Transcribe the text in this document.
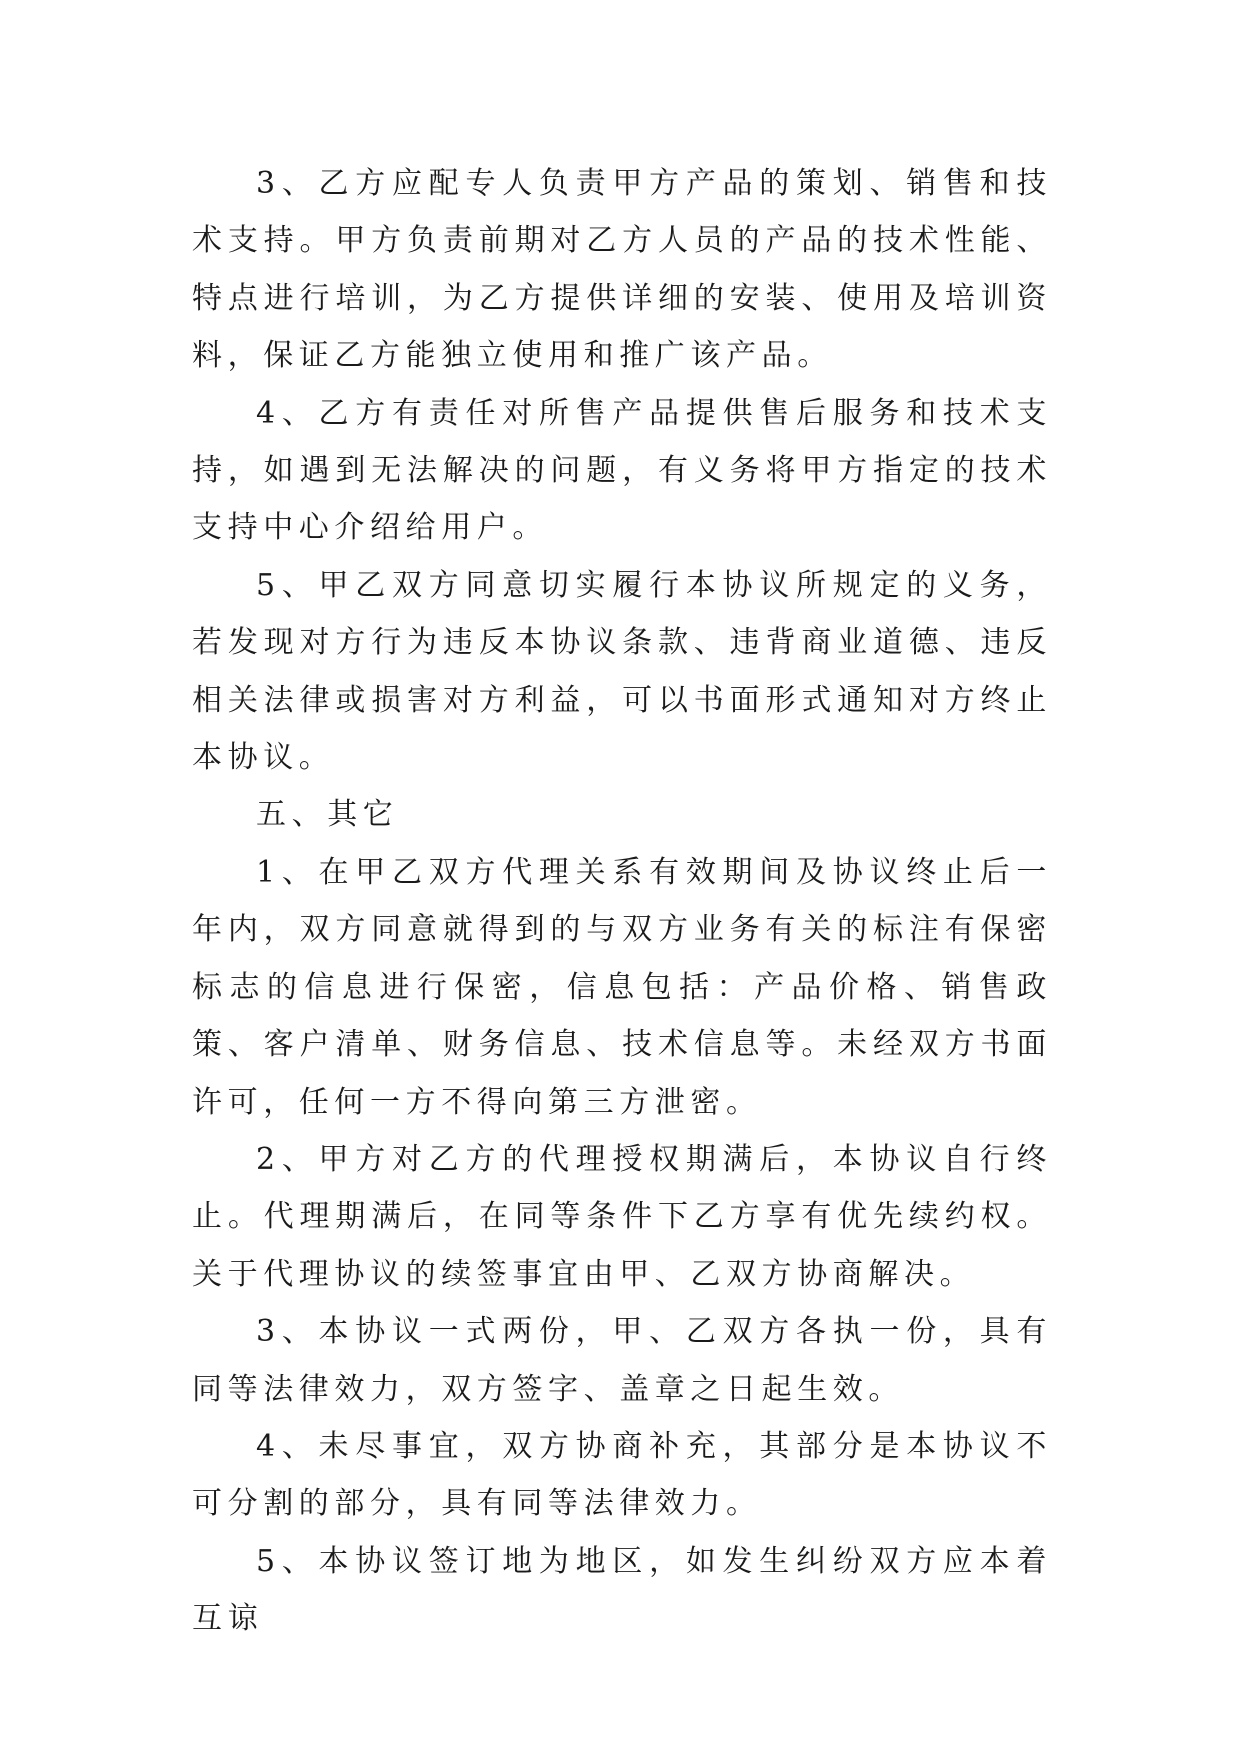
3、乙方应配专人负责甲方产品的策划、销售和技术支持。甲方负责前期对乙方人员的产品的技术性能、特点进行培训，为乙方提供详细的安装、使用及培训资料，保证乙方能独立使用和推广该产品。

4、乙方有责任对所售产品提供售后服务和技术支持，如遇到无法解决的问题，有义务将甲方指定的技术支持中心介绍给用户。

5、甲乙双方同意切实履行本协议所规定的义务，若发现对方行为违反本协议条款、违背商业道德、违反相关法律或损害对方利益，可以书面形式通知对方终止本协议。

五、其它

1、在甲乙双方代理关系有效期间及协议终止后一年内，双方同意就得到的与双方业务有关的标注有保密标志的信息进行保密，信息包括：产品价格、销售政策、客户清单、财务信息、技术信息等。未经双方书面许可，任何一方不得向第三方泄密。

2、甲方对乙方的代理授权期满后，本协议自行终止。代理期满后，在同等条件下乙方享有优先续约权。关于代理协议的续签事宜由甲、乙双方协商解决。

3、本协议一式两份，甲、乙双方各执一份，具有同等法律效力，双方签字、盖章之日起生效。

4、未尽事宜，双方协商补充，其部分是本协议不可分割的部分，具有同等法律效力。

5、本协议签订地为地区，如发生纠纷双方应本着互谅
